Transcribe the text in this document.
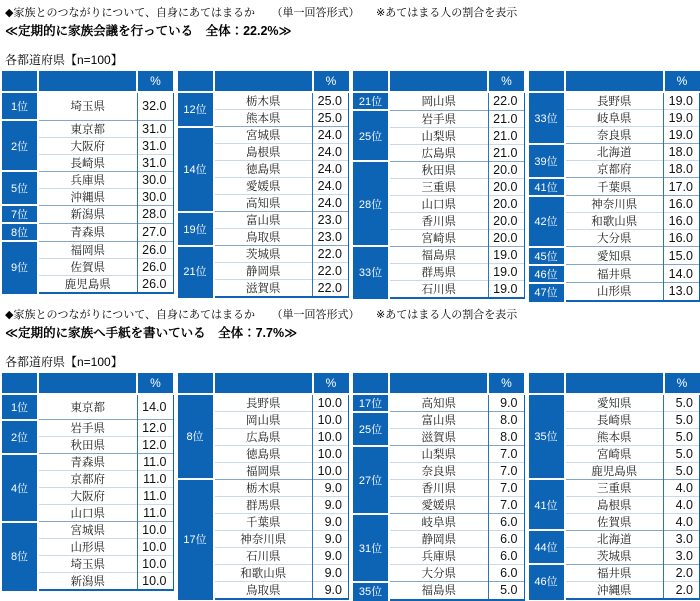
◆家族とのつながりについて、自身にあてはまるか　　（単一回答形式）　　※あてはまる人の割合を表示
≪定期的に家族会議を行っている　全体：22.2%≫
各都道府県【n=100】
		%
1位	埼玉県	32.0
2位	東京都	31.0
	大阪府	31.0
	長崎県	31.0
5位	兵庫県	30.0
	沖縄県	30.0
7位	新潟県	28.0
8位	青森県	27.0
9位	福岡県	26.0
	佐賀県	26.0
	鹿児島県	26.0
		%
12位	栃木県	25.0
	熊本県	25.0
14位	宮城県	24.0
	島根県	24.0
	徳島県	24.0
	愛媛県	24.0
	高知県	24.0
19位	富山県	23.0
	鳥取県	23.0
21位	茨城県	22.0
	静岡県	22.0
	滋賀県	22.0
		%
21位	岡山県	22.0
25位	岩手県	21.0
	山梨県	21.0
	広島県	21.0
28位	秋田県	20.0
	三重県	20.0
	山口県	20.0
	香川県	20.0
	宮崎県	20.0
33位	福島県	19.0
	群馬県	19.0
	石川県	19.0
		%
33位	長野県	19.0
	岐阜県	19.0
	奈良県	19.0
39位	北海道	18.0
	京都府	18.0
41位	千葉県	17.0
42位	神奈川県	16.0
	和歌山県	16.0
	大分県	16.0
45位	愛知県	15.0
46位	福井県	14.0
47位	山形県	13.0
◆家族とのつながりについて、自身にあてはまるか　　（単一回答形式）　　※あてはまる人の割合を表示
≪定期的に家族へ手紙を書いている　全体：7.7%≫
各都道府県【n=100】
		%
1位	東京都	14.0
2位	岩手県	12.0
	秋田県	12.0
4位	青森県	11.0
	京都府	11.0
	大阪府	11.0
	山口県	11.0
8位	宮城県	10.0
	山形県	10.0
	埼玉県	10.0
	新潟県	10.0
		%
8位	長野県	10.0
	岡山県	10.0
	広島県	10.0
	徳島県	10.0
	福岡県	10.0
17位	栃木県	9.0
	群馬県	9.0
	千葉県	9.0
	神奈川県	9.0
	石川県	9.0
	和歌山県	9.0
	鳥取県	9.0
		%
17位	高知県	9.0
25位	富山県	8.0
	滋賀県	8.0
27位	山梨県	7.0
	奈良県	7.0
	香川県	7.0
	愛媛県	7.0
31位	岐阜県	6.0
	静岡県	6.0
	兵庫県	6.0
	大分県	6.0
35位	福島県	5.0
		%
35位	愛知県	5.0
	長崎県	5.0
	熊本県	5.0
	宮崎県	5.0
	鹿児島県	5.0
41位	三重県	4.0
	島根県	4.0
	佐賀県	4.0
44位	北海道	3.0
	茨城県	3.0
46位	福井県	2.0
	沖縄県	2.0
